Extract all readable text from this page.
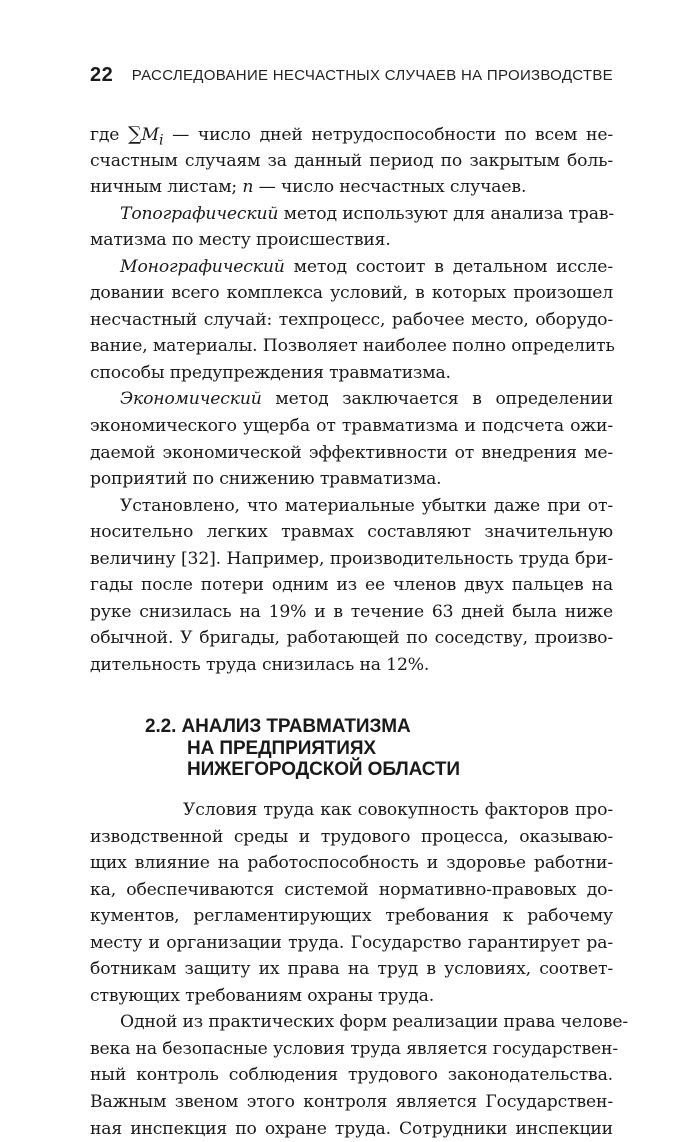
22 РАССЛЕДОВАНИЕ НЕСЧАСТНЫХ СЛУЧАЕВ НА ПРОИЗВОДСТВЕ
где $\sum M_i$ — число дней нетрудоспособности по всем не-
счастным случаям за данный период по закрытым боль-
ничным листам; n — число несчастных случаев.
Топографический метод используют для анализа трав-
матизма по месту происшествия.
Монографический метод состоит в детальном иссле-
довании всего комплекса условий, в которых произошел
несчастный случай: техпроцесс, рабочее место, оборудо-
вание, материалы. Позволяет наиболее полно определить
способы предупреждения травматизма.
Экономический метод заключается в определении
экономического ущерба от травматизма и подсчета ожи-
даемой экономической эффективности от внедрения ме-
роприятий по снижению травматизма.
Установлено, что материальные убытки даже при от-
носительно легких травмах составляют значительную
величину [32]. Например, производительность труда бри-
гады после потери одним из ее членов двух пальцев на
руке снизилась на 19% и в течение 63 дней была ниже
обычной. У бригады, работающей по соседству, произво-
дительность труда снизилась на 12%.
2.2. АНАЛИЗ ТРАВМАТИЗМА
НА ПРЕДПРИЯТИЯХ
НИЖЕГОРОДСКОЙ ОБЛАСТИ
Условия труда как совокупность факторов про-
изводственной среды и трудового процесса, оказываю-
щих влияние на работоспособность и здоровье работни-
ка, обеспечиваются системой нормативно-правовых до-
кументов, регламентирующих требования к рабочему
месту и организации труда. Государство гарантирует ра-
ботникам защиту их права на труд в условиях, соответ-
ствующих требованиям охраны труда.
Одной из практических форм реализации права челове-
века на безопасные условия труда является государствен-
ный контроль соблюдения трудового законодательства.
Важным звеном этого контроля является Государствен-
ная инспекция по охране труда. Сотрудники инспекции
